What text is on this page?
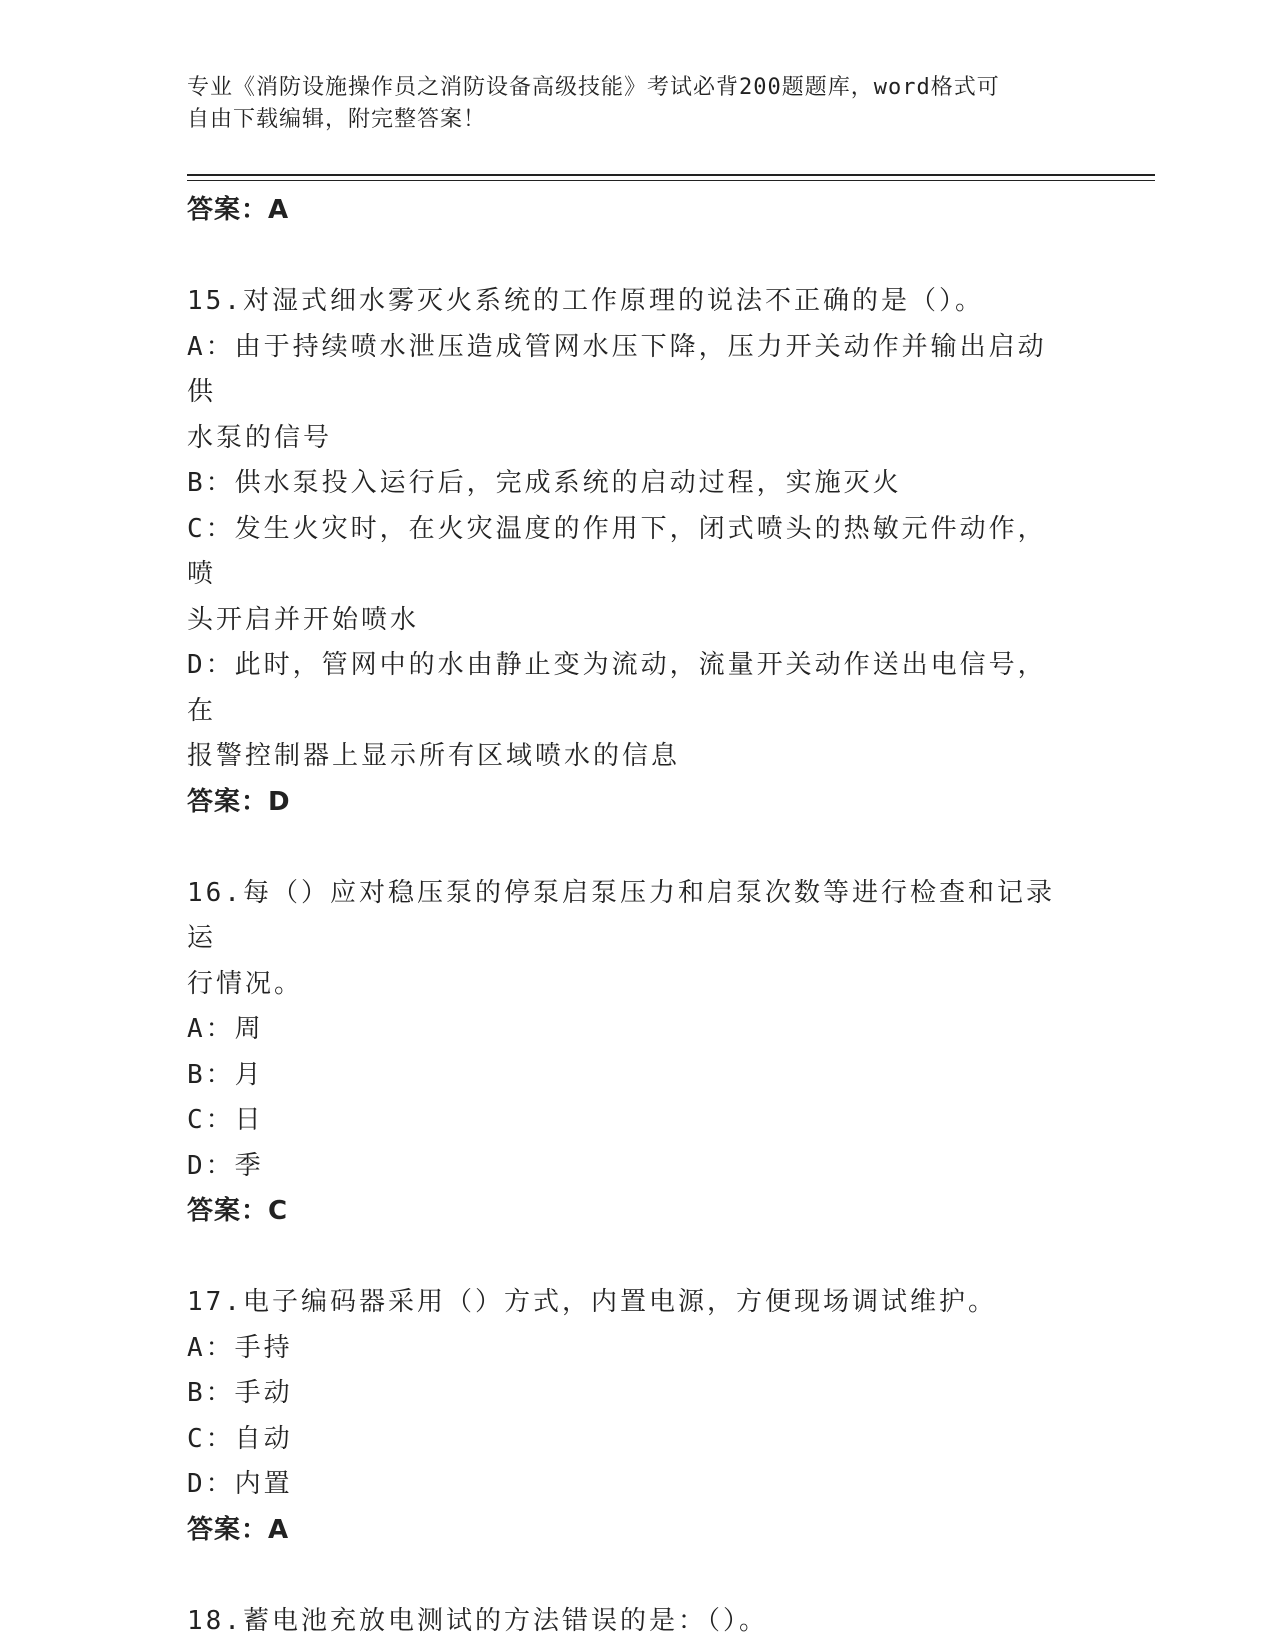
专业《消防设施操作员之消防设备高级技能》考试必背200题题库，word格式可
自由下载编辑，附完整答案！

答案：A

15.对湿式细水雾灭火系统的工作原理的说法不正确的是（）。

A：由于持续喷水泄压造成管网水压下降，压力开关动作并输出启动供

水泵的信号

B：供水泵投入运行后，完成系统的启动过程，实施灭火

C：发生火灾时，在火灾温度的作用下，闭式喷头的热敏元件动作，喷

头开启并开始喷水

D：此时，管网中的水由静止变为流动，流量开关动作送出电信号，在

报警控制器上显示所有区域喷水的信息

答案：D

16.每（）应对稳压泵的停泵启泵压力和启泵次数等进行检查和记录运

行情况。

A：周

B：月

C：日

D：季

答案：C

17.电子编码器采用（）方式，内置电源，方便现场调试维护。

A：手持

B：手动

C：自动

D：内置

答案：A

18.蓄电池充放电测试的方法错误的是：（）。
